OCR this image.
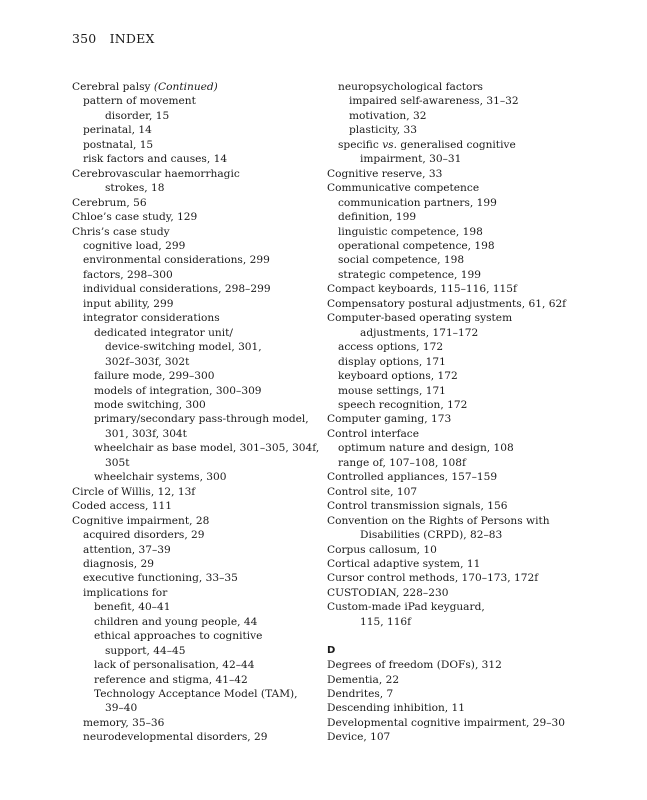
350 INDEX
Cerebral palsy (Continued)
pattern of movement
disorder, 15
perinatal, 14
postnatal, 15
risk factors and causes, 14
Cerebrovascular haemorrhagic
strokes, 18
Cerebrum, 56
Chloe’s case study, 129
Chris’s case study
cognitive load, 299
environmental considerations, 299
factors, 298–300
individual considerations, 298–299
input ability, 299
integrator considerations
dedicated integrator unit/
device-switching model, 301,
302f–303f, 302t
failure mode, 299–300
models of integration, 300–309
mode switching, 300
primary/secondary pass-through model,
301, 303f, 304t
wheelchair as base model, 301–305, 304f,
305t
wheelchair systems, 300
Circle of Willis, 12, 13f
Coded access, 111
Cognitive impairment, 28
acquired disorders, 29
attention, 37–39
diagnosis, 29
executive functioning, 33–35
implications for
benefit, 40–41
children and young people, 44
ethical approaches to cognitive
support, 44–45
lack of personalisation, 42–44
reference and stigma, 41–42
Technology Acceptance Model (TAM),
39–40
memory, 35–36
neurodevelopmental disorders, 29
neuropsychological factors
impaired self-awareness, 31–32
motivation, 32
plasticity, 33
specific vs. generalised cognitive
impairment, 30–31
Cognitive reserve, 33
Communicative competence
communication partners, 199
definition, 199
linguistic competence, 198
operational competence, 198
social competence, 198
strategic competence, 199
Compact keyboards, 115–116, 115f
Compensatory postural adjustments, 61, 62f
Computer-based operating system
adjustments, 171–172
access options, 172
display options, 171
keyboard options, 172
mouse settings, 171
speech recognition, 172
Computer gaming, 173
Control interface
optimum nature and design, 108
range of, 107–108, 108f
Controlled appliances, 157–159
Control site, 107
Control transmission signals, 156
Convention on the Rights of Persons with
Disabilities (CRPD), 82–83
Corpus callosum, 10
Cortical adaptive system, 11
Cursor control methods, 170–173, 172f
CUSTODIAN, 228–230
Custom-made iPad keyguard,
115, 116f
D
Degrees of freedom (DOFs), 312
Dementia, 22
Dendrites, 7
Descending inhibition, 11
Developmental cognitive impairment, 29–30
Device, 107
